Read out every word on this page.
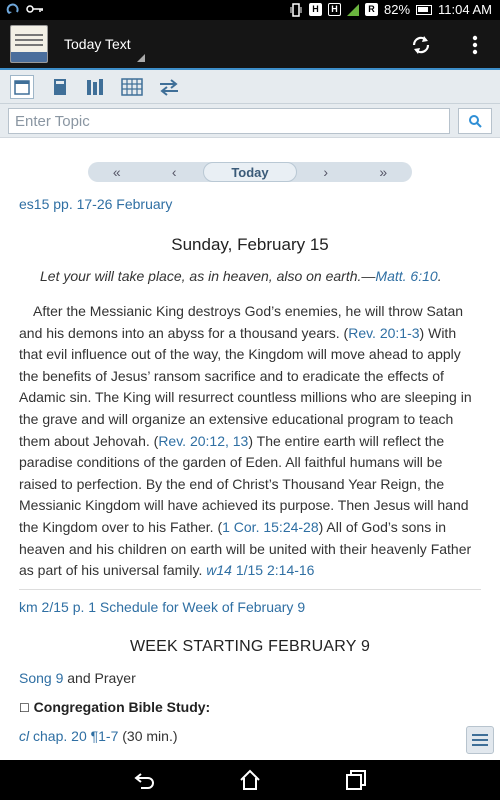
H	H	R 82% 11:04 AM
Today Text
Enter Topic
«	‹	Today	›	»
es15 pp. 17-26 February
Sunday, February 15
Let your will take place, as in heaven, also on earth.—Matt. 6:10.
After the Messianic King destroys God’s enemies, he will throw Satan and his demons into an abyss for a thousand years. (Rev. 20:1-3) With that evil influence out of the way, the Kingdom will move ahead to apply the benefits of Jesus’ ransom sacrifice and to eradicate the effects of Adamic sin. The King will resurrect countless millions who are sleeping in the grave and will organize an extensive educational program to teach them about Jehovah. (Rev. 20:12, 13) The entire earth will reflect the paradise conditions of the garden of Eden. All faithful humans will be raised to perfection. By the end of Christ’s Thousand Year Reign, the Messianic Kingdom will have achieved its purpose. Then Jesus will hand the Kingdom over to his Father. (1 Cor. 15:24-28) All of God’s sons in heaven and his children on earth will be united with their heavenly Father as part of his universal family. w14 1/15 2:14-16
km 2/15 p. 1 Schedule for Week of February 9
WEEK STARTING FEBRUARY 9
Song 9 and Prayer
☐ Congregation Bible Study:
cl chap. 20 ¶1-7 (30 min.)
